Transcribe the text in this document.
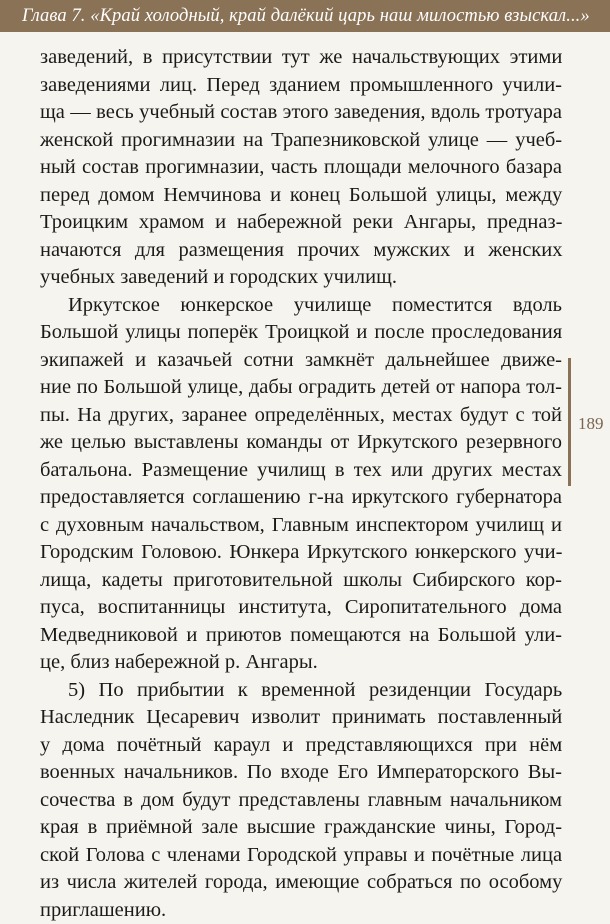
Глава 7. «Край холодный, край далёкий царь наш милостью взыскал...»
189

заведений, в присутствии тут же начальствующих этими
заведениями лиц. Перед зданием промышленного учили-
ща — весь учебный состав этого заведения, вдоль тротуара
женской прогимназии на Трапезниковской улице — учеб-
ный состав прогимназии, часть площади мелочного базара
перед домом Немчинова и конец Большой улицы, между
Троицким храмом и набережной реки Ангары, предназ-
начаются для размещения прочих мужских и женских
учебных заведений и городских училищ.

Иркутское юнкерское училище поместится вдоль
Большой улицы поперёк Троицкой и после проследования
экипажей и казачьей сотни замкнёт дальнейшее движе-
ние по Большой улице, дабы оградить детей от напора тол-
пы. На других, заранее определённых, местах будут с той
же целью выставлены команды от Иркутского резервного
батальона. Размещение училищ в тех или других местах
предоставляется соглашению г-на иркутского губернатора
с духовным начальством, Главным инспектором училищ и
Городским Головою. Юнкера Иркутского юнкерского учи-
лища, кадеты приготовительной школы Сибирского кор-
пуса, воспитанницы института, Сиропитательного дома
Медведниковой и приютов помещаются на Большой ули-
це, близ набережной р. Ангары.

5) По прибытии к временной резиденции Государь
Наследник Цесаревич изволит принимать поставленный
у дома почётный караул и представляющихся при нём
военных начальников. По входе Его Императорского Вы-
сочества в дом будут представлены главным начальником
края в приёмной зале высшие гражданские чины, Город-
ской Голова с членами Городской управы и почётные лица
из числа жителей города, имеющие собраться по особому
приглашению.
